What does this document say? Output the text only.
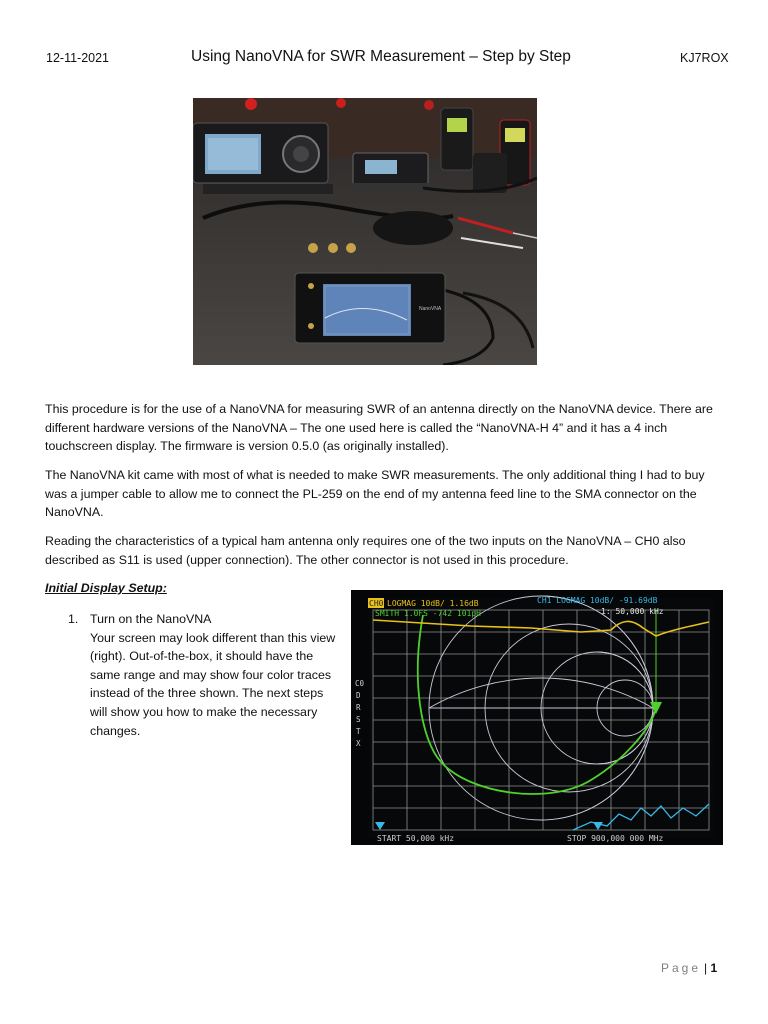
12-11-2021	Using NanoVNA for SWR Measurement – Step by Step	KJ7ROX
NanoVNA

This procedure is for the use of a NanoVNA for measuring SWR of an antenna directly on the NanoVNA device. There are different hardware versions of the NanoVNA – The one used here is called the “NanoVNA-H 4” and it has a 4 inch touchscreen display. The firmware is version 0.5.0 (as originally installed).

The NanoVNA kit came with most of what is needed to make SWR measurements. The only additional thing I had to buy was a jumper cable to allow me to connect the PL-259 on the end of my antenna feed line to the SMA connector on the NanoVNA.

Reading the characteristics of a typical ham antenna only requires one of the two inputs on the NanoVNA – CH0 also described as S11 is used (upper connection). The other connector is not used in this procedure.

Initial Display Setup:
1. Turn on the NanoVNA
Your screen may look different than this view (right). Out-of-the-box, it should have the same range and may show four color traces instead of the three shown. The next steps will show you how to make the necessary changes.
CH0 LOGMAG 10dB/ 1.16dB
SMITH 1.0FS -742 101pH
CH1 LOGMAG 10dB/ -91.69dB
1: 50,000 kHz
C0
D
R
S
T
X
START 50,000 kHz	STOP 900,000 000 MHz
Page | 1
